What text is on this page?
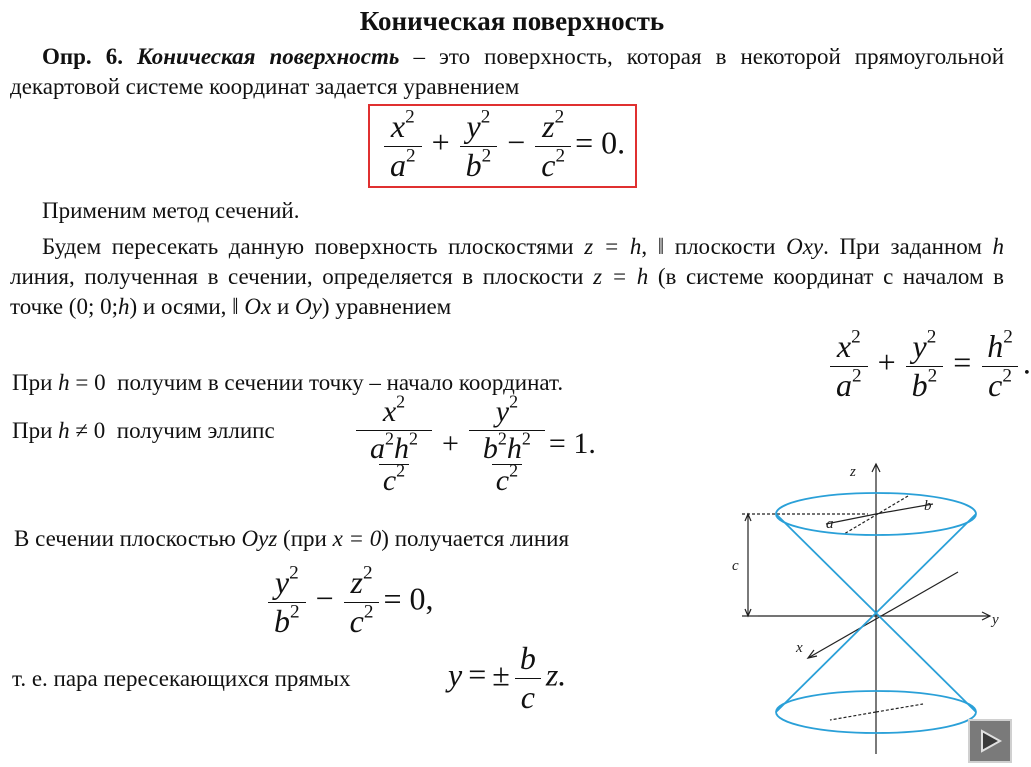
Коническая поверхность
Опр. 6. Коническая поверхность – это поверхность, которая в некоторой прямоугольной декартовой системе координат задается уравнением
$\frac{x^2}{a^2} + \frac{y^2}{b^2} - \frac{z^2}{c^2} = 0$.
Применим метод сечений.
Будем пересекать данную поверхность плоскостями z = h, ‖ плоскости Oxy. При заданном h линия, полученная в сечении, определяется в плоскости z = h (в системе координат с началом в точке (0; 0;h) и осями, ‖ Ox и Oy) уравнением
$\frac{x^2}{a^2} + \frac{y^2}{b^2} = \frac{h^2}{c^2}$ .
При h = 0 получим в сечении точку – начало координат.
При h ≠ 0 получим эллипс	$\frac{x^2}{\frac{a^2h^2}{c^2}} + \frac{y^2}{\frac{b^2h^2}{c^2}} = 1$.
В сечении плоскостью Oyz (при x = 0) получается линия
$\frac{y^2}{b^2} - \frac{z^2}{c^2} = 0$,
т. е. пара пересекающихся прямых	y = ± $\frac{b}{c} z$.
z
y
x
a
b
c
